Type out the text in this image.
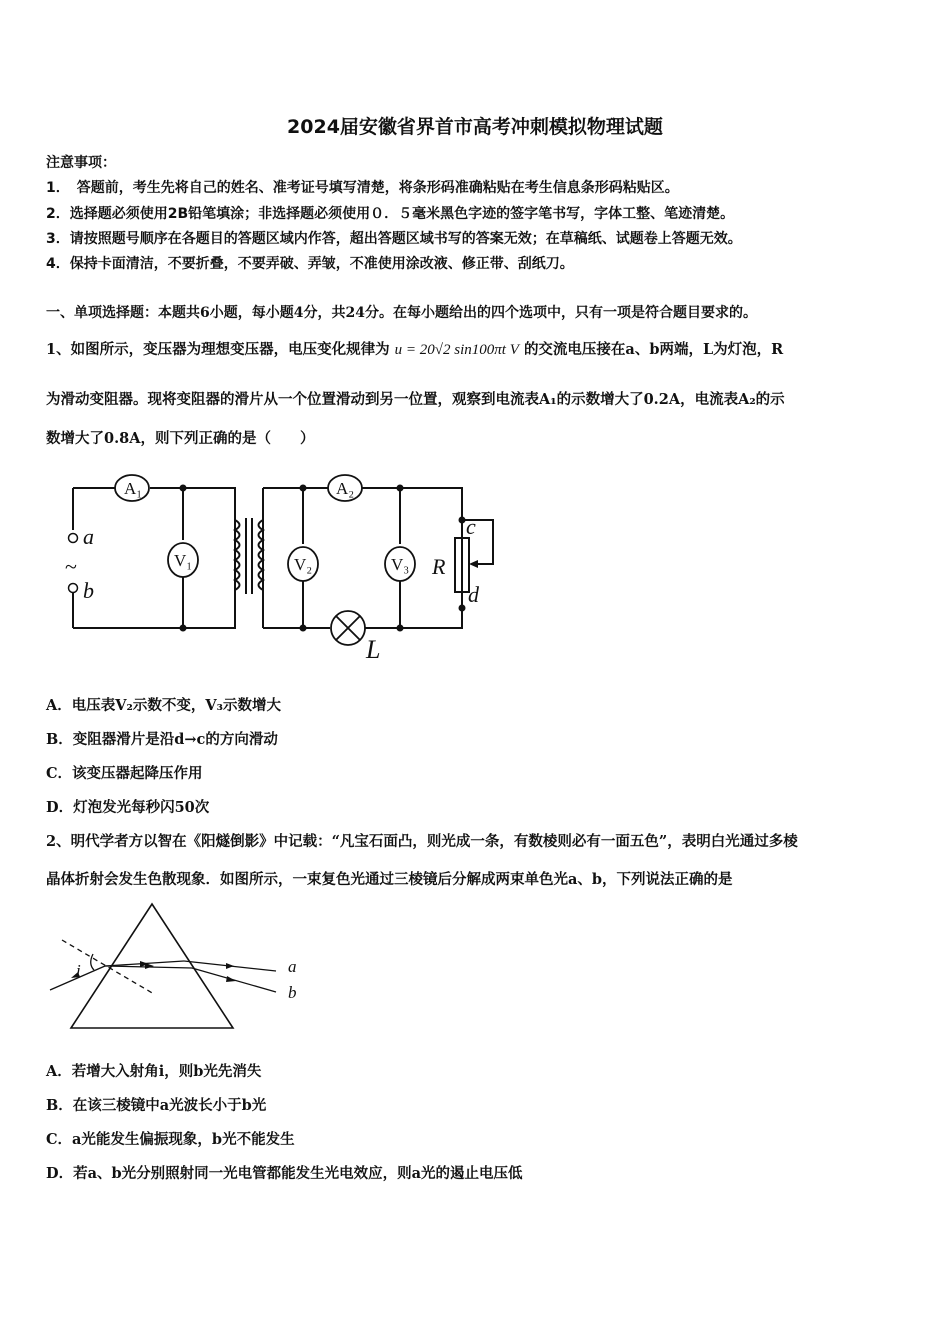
2024届安徽省界首市高考冲刺模拟物理试题
注意事项：
1．　答题前，考生先将自己的姓名、准考证号填写清楚，将条形码准确粘贴在考生信息条形码粘贴区。
2．选择题必须使用2B铅笔填涂；非选择题必须使用０．５毫米黑色字迹的签字笔书写，字体工整、笔迹清楚。
3．请按照题号顺序在各题目的答题区域内作答，超出答题区域书写的答案无效；在草稿纸、试题卷上答题无效。
4．保持卡面清洁，不要折叠，不要弄破、弄皱，不准使用涂改液、修正带、刮纸刀。
一、单项选择题：本题共6小题，每小题4分，共24分。在每小题给出的四个选项中，只有一项是符合题目要求的。
1、如图所示，变压器为理想变压器，电压变化规律为 u = 20√2 sin100πt V 的交流电压接在a、b两端，L为灯泡，R
为滑动变阻器。现将变阻器的滑片从一个位置滑动到另一位置，观察到电流表A₁的示数增大了0.2A，电流表A₂的示
数增大了0.8A，则下列正确的是（　　）
A₁	A₂
V₁	V₂	V₃
a
~
b
R
c
d
L
A．电压表V₂示数不变，V₃示数增大
B．变阻器滑片是沿d→c的方向滑动
C．该变压器起降压作用
D．灯泡发光每秒闪50次
2、明代学者方以智在《阳燧倒影》中记载：“凡宝石面凸，则光成一条，有数棱则必有一面五色”，表明白光通过多棱
晶体折射会发生色散现象．如图所示，一束复色光通过三棱镜后分解成两束单色光a、b，下列说法正确的是
i	a
b
A．若增大入射角i，则b光先消失
B．在该三棱镜中a光波长小于b光
C．a光能发生偏振现象，b光不能发生
D．若a、b光分别照射同一光电管都能发生光电效应，则a光的遏止电压低
